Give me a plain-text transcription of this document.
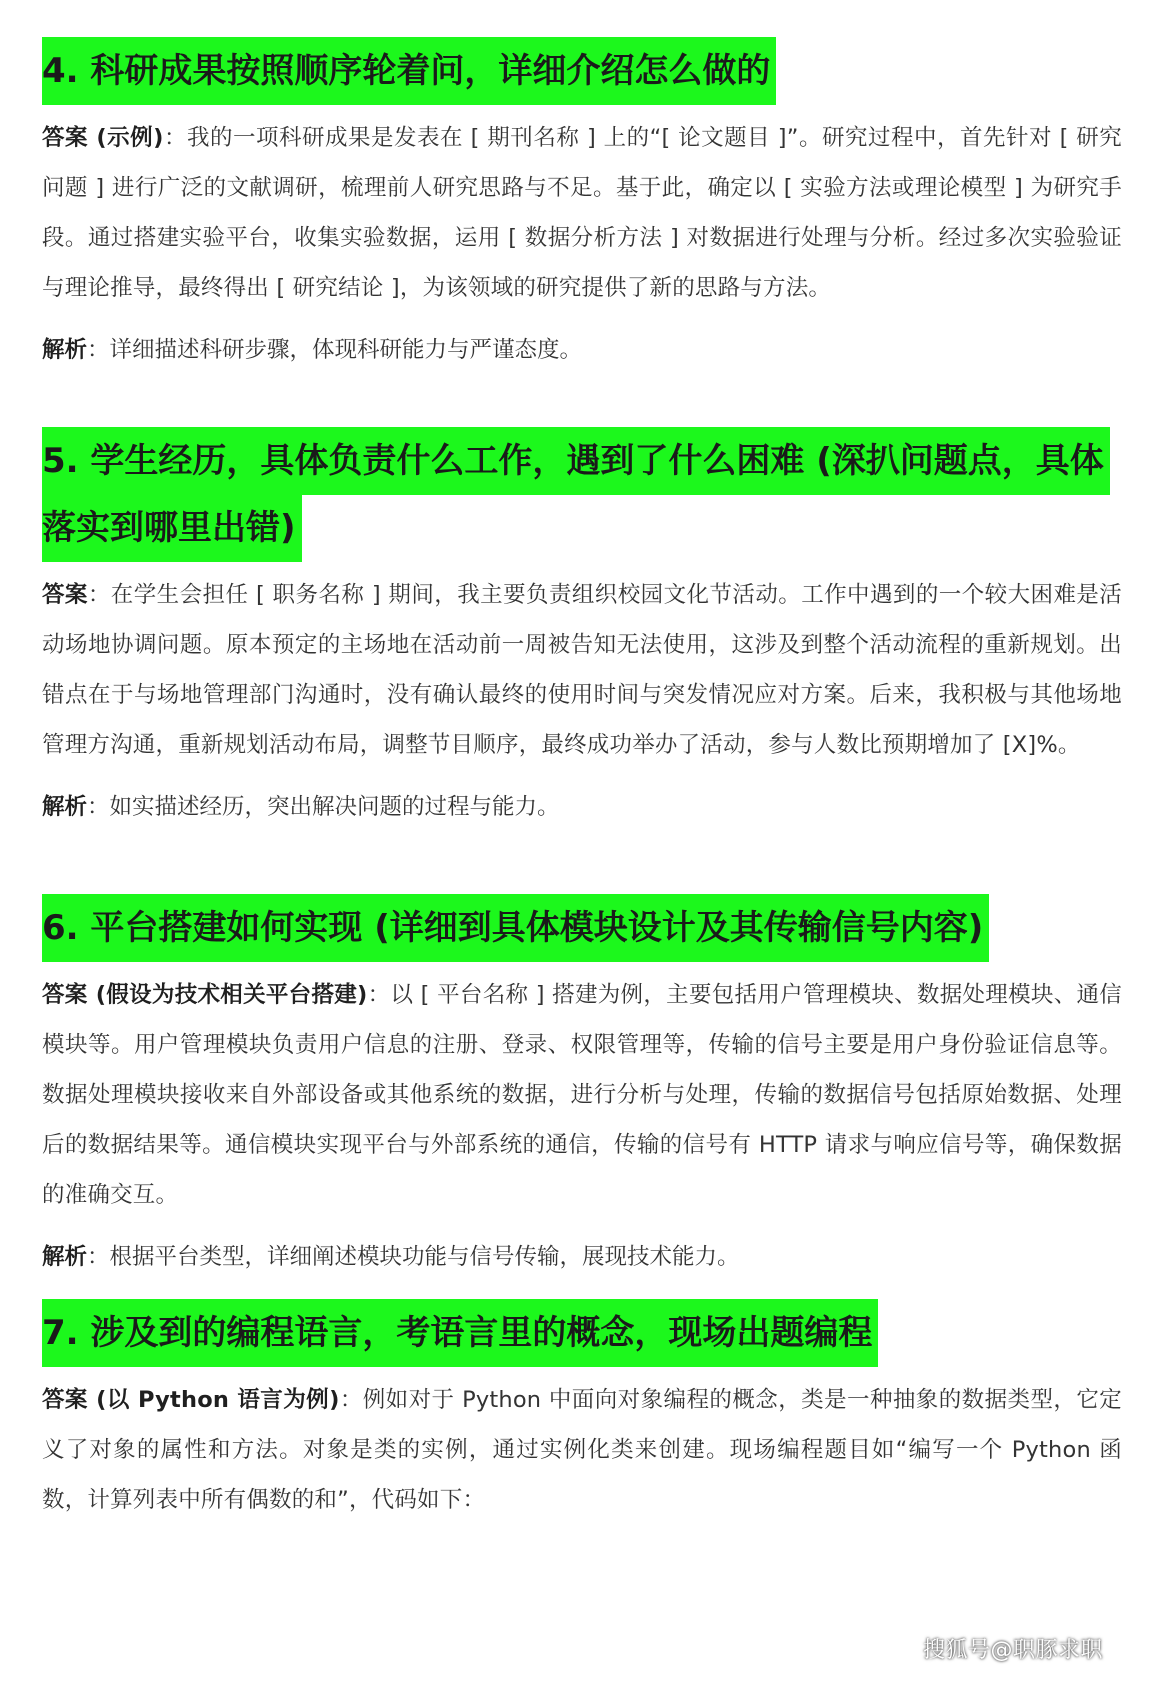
4. 科研成果按照顺序轮着问，详细介绍怎么做的

答案 (示例)：我的一项科研成果是发表在 [ 期刊名称 ] 上的“[ 论文题目 ]”。研究过程中，首先针对 [ 研究问题 ] 进行广泛的文献调研，梳理前人研究思路与不足。基于此，确定以 [ 实验方法或理论模型 ] 为研究手段。通过搭建实验平台，收集实验数据，运用 [ 数据分析方法 ] 对数据进行处理与分析。经过多次实验验证与理论推导，最终得出 [ 研究结论 ]，为该领域的研究提供了新的思路与方法。

解析：详细描述科研步骤，体现科研能力与严谨态度。

5. 学生经历，具体负责什么工作，遇到了什么困难 (深扒问题点，具体落实到哪里出错)

答案：在学生会担任 [ 职务名称 ] 期间，我主要负责组织校园文化节活动。工作中遇到的一个较大困难是活动场地协调问题。原本预定的主场地在活动前一周被告知无法使用，这涉及到整个活动流程的重新规划。出错点在于与场地管理部门沟通时，没有确认最终的使用时间与突发情况应对方案。后来，我积极与其他场地管理方沟通，重新规划活动布局，调整节目顺序，最终成功举办了活动，参与人数比预期增加了 [X]%。

解析：如实描述经历，突出解决问题的过程与能力。

6. 平台搭建如何实现 (详细到具体模块设计及其传输信号内容)

答案 (假设为技术相关平台搭建)：以 [ 平台名称 ] 搭建为例，主要包括用户管理模块、数据处理模块、通信模块等。用户管理模块负责用户信息的注册、登录、权限管理等，传输的信号主要是用户身份验证信息等。数据处理模块接收来自外部设备或其他系统的数据，进行分析与处理，传输的数据信号包括原始数据、处理后的数据结果等。通信模块实现平台与外部系统的通信，传输的信号有 HTTP 请求与响应信号等，确保数据的准确交互。

解析：根据平台类型，详细阐述模块功能与信号传输，展现技术能力。

7. 涉及到的编程语言，考语言里的概念，现场出题编程

答案 (以 Python 语言为例)：例如对于 Python 中面向对象编程的概念，类是一种抽象的数据类型，它定义了对象的属性和方法。对象是类的实例，通过实例化类来创建。现场编程题目如“编写一个 Python 函数，计算列表中所有偶数的和”，代码如下：

搜狐号@职豚求职
